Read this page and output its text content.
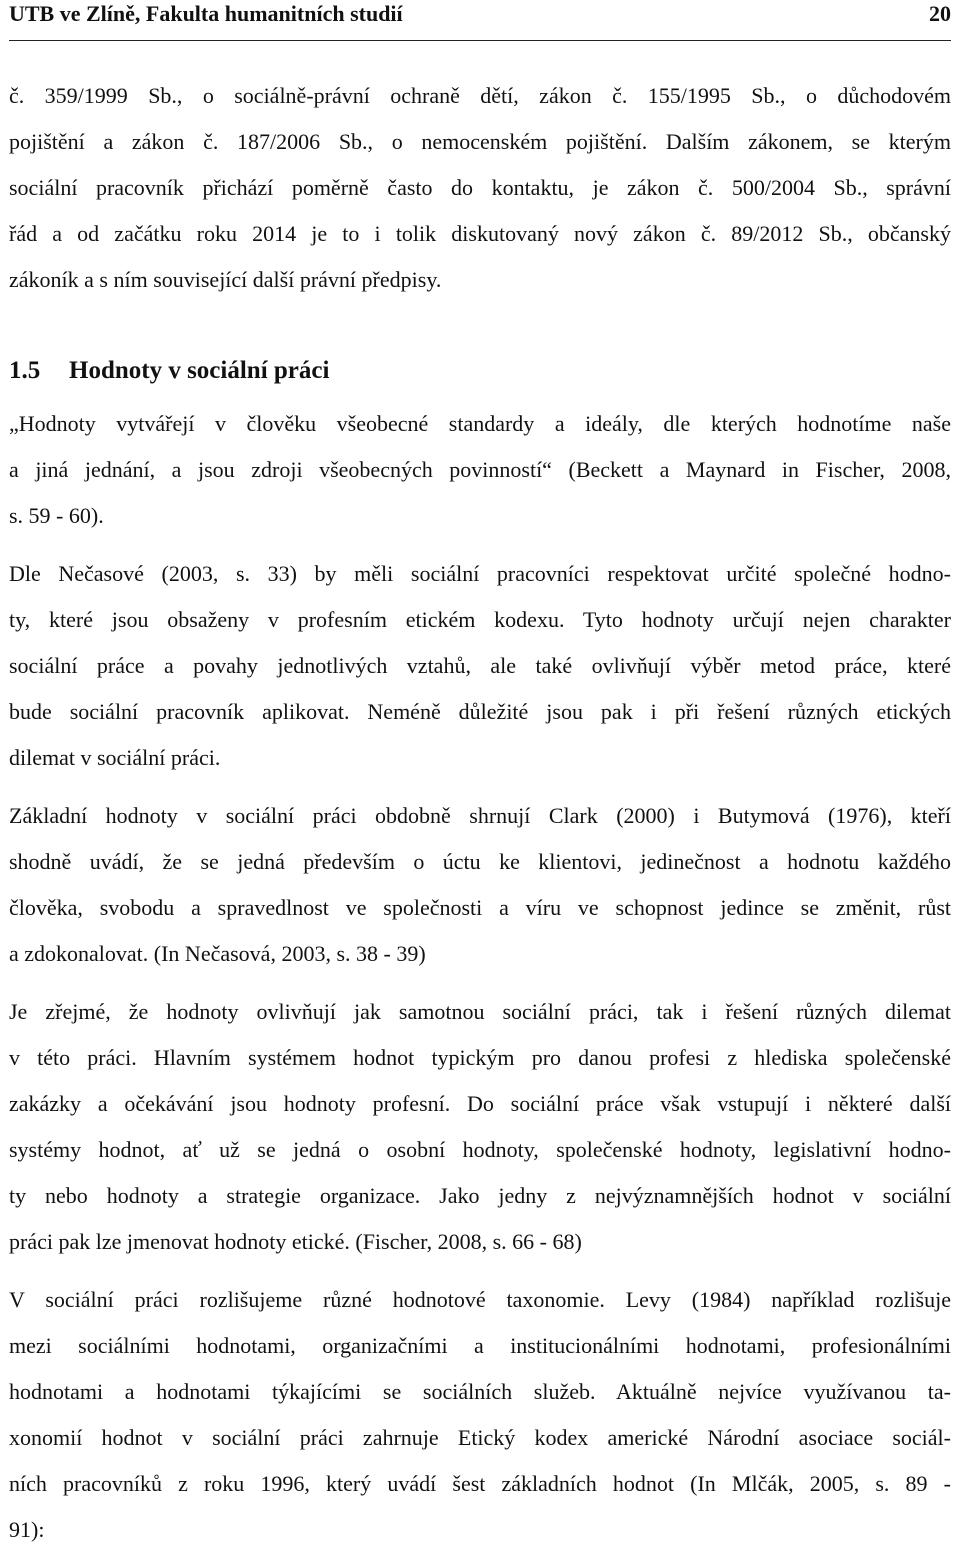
UTB ve Zlíně, Fakulta humanitních studií	20
č. 359/1999 Sb., o sociálně-právní ochraně dětí, zákon č. 155/1995 Sb., o důchodovém
pojištění a zákon č. 187/2006 Sb., o nemocenském pojištění. Dalším zákonem, se kterým
sociální pracovník přichází poměrně často do kontaktu, je zákon č. 500/2004 Sb., správní
řád a od začátku roku 2014 je to i tolik diskutovaný nový zákon č. 89/2012 Sb., občanský
zákoník a s ním související další právní předpisy.
1.5 Hodnoty v sociální práci
„Hodnoty vytvářejí v člověku všeobecné standardy a ideály, dle kterých hodnotíme naše
a jiná jednání, a jsou zdroji všeobecných povinností“ (Beckett a Maynard in Fischer, 2008,
s. 59 - 60).
Dle Nečasové (2003, s. 33) by měli sociální pracovníci respektovat určité společné hodno-
ty, které jsou obsaženy v profesním etickém kodexu. Tyto hodnoty určují nejen charakter
sociální práce a povahy jednotlivých vztahů, ale také ovlivňují výběr metod práce, které
bude sociální pracovník aplikovat. Neméně důležité jsou pak i při řešení různých etických
dilemat v sociální práci.
Základní hodnoty v sociální práci obdobně shrnují Clark (2000) i Butymová (1976), kteří
shodně uvádí, že se jedná především o úctu ke klientovi, jedinečnost a hodnotu každého
člověka, svobodu a spravedlnost ve společnosti a víru ve schopnost jedince se změnit, růst
a zdokonalovat. (In Nečasová, 2003, s. 38 - 39)
Je zřejmé, že hodnoty ovlivňují jak samotnou sociální práci, tak i řešení různých dilemat
v této práci. Hlavním systémem hodnot typickým pro danou profesi z hlediska společenské
zakázky a očekávání jsou hodnoty profesní. Do sociální práce však vstupují i některé další
systémy hodnot, ať už se jedná o osobní hodnoty, společenské hodnoty, legislativní hodno-
ty nebo hodnoty a strategie organizace. Jako jedny z nejvýznamnějších hodnot v sociální
práci pak lze jmenovat hodnoty etické. (Fischer, 2008, s. 66 - 68)
V sociální práci rozlišujeme různé hodnotové taxonomie. Levy (1984) například rozlišuje
mezi sociálními hodnotami, organizačními a institucionálními hodnotami, profesionálními
hodnotami a hodnotami týkajícími se sociálních služeb. Aktuálně nejvíce využívanou ta-
xonomií hodnot v sociální práci zahrnuje Etický kodex americké Národní asociace sociál-
ních pracovníků z roku 1996, který uvádí šest základních hodnot (In Mlčák, 2005, s. 89 -
91):
